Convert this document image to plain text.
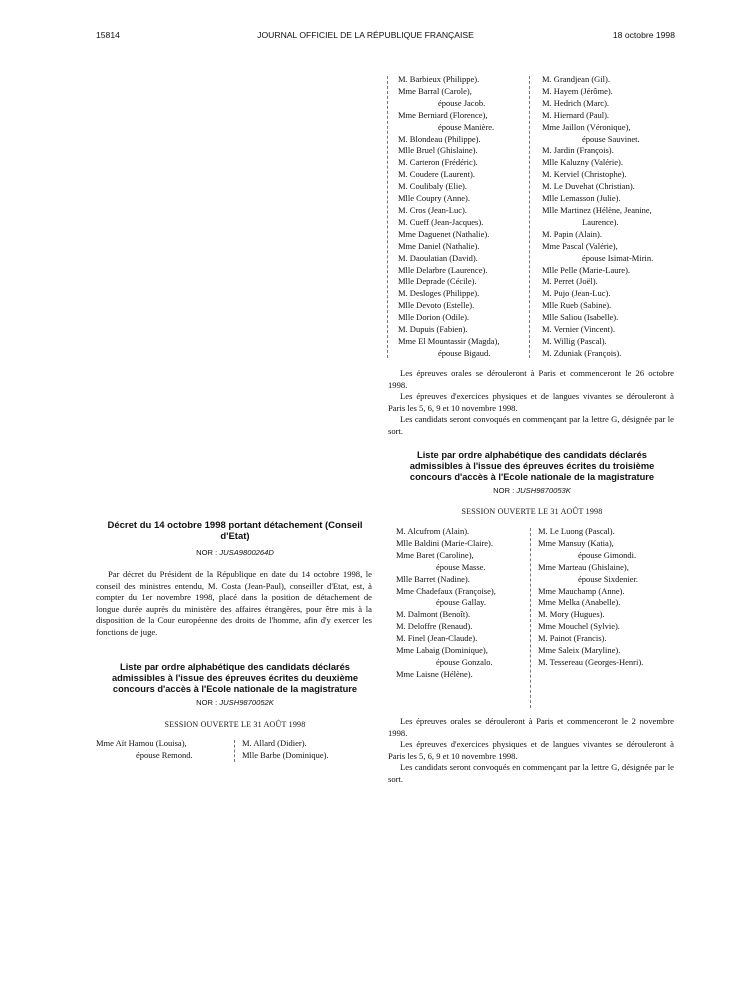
15814	JOURNAL OFFICIEL DE LA RÉPUBLIQUE FRANÇAISE	18 octobre 1998
M. Barbieux (Philippe).
Mme Barral (Carole),
épouse Jacob.
Mme Berniard (Florence),
épouse Manière.
M. Blondeau (Philippe).
Mlle Bruel (Ghislaine).
M. Carteron (Frédéric).
M. Coudere (Laurent).
M. Coulibaly (Elie).
Mlle Coupry (Anne).
M. Cros (Jean-Luc).
M. Cueff (Jean-Jacques).
Mme Daguenet (Nathalie).
Mme Daniel (Nathalie).
M. Daoulatian (David).
Mlle Delarbre (Laurence).
Mlle Deprade (Cécile).
M. Desloges (Philippe).
Mlle Devoto (Estelle).
Mlle Dorion (Odile).
M. Dupuis (Fabien).
Mme El Mountassir (Magda),
épouse Bigaud.
M. Grandjean (Gil).
M. Hayem (Jérôme).
M. Hedrich (Marc).
M. Hiernard (Paul).
Mme Jaillon (Véronique),
épouse Sauvinet.
M. Jardin (François).
Mlle Kaluzny (Valérie).
M. Kerviel (Christophe).
M. Le Duvehat (Christian).
Mlle Lemasson (Julie).
Mlle Martinez (Hélène, Jeanine,
Laurence).
M. Papin (Alain).
Mme Pascal (Valérie),
épouse Isimat-Mirin.
Mlle Pelle (Marie-Laure).
M. Perret (Joël).
M. Pujo (Jean-Luc).
Mlle Rueb (Sabine).
Mlle Saliou (Isabelle).
M. Vernier (Vincent).
M. Willig (Pascal).
M. Zduniak (François).

Les épreuves orales se dérouleront à Paris et commenceront le 26 octobre 1998.

Les épreuves d'exercices physiques et de langues vivantes se dérouleront à Paris les 5, 6, 9 et 10 novembre 1998.

Les candidats seront convoqués en commençant par la lettre G, désignée par le sort.

Liste par ordre alphabétique des candidats déclarés admissibles à l'issue des épreuves écrites du troisième concours d'accès à l'Ecole nationale de la magistrature
NOR : JUSH9870053K
SESSION OUVERTE LE 31 AOÛT 1998
M. Alcufrom (Alain).
Mlle Baldini (Marie-Claire).
Mme Baret (Caroline),
épouse Masse.
Mlle Barret (Nadine).
Mme Chadefaux (Françoise),
épouse Gallay.
M. Dalmont (Benoît).
M. Deloffre (Renaud).
M. Finel (Jean-Claude).
Mme Labaig (Dominique),
épouse Gonzalo.
Mme Laisne (Hélène).
M. Le Luong (Pascal).
Mme Mansuy (Katia),
épouse Gimondi.
Mme Marteau (Ghislaine),
épouse Sixdenier.
Mme Mauchamp (Anne).
Mme Melka (Anabelle).
M. Mory (Hugues).
Mme Mouchel (Sylvie).
M. Painot (Francis).
Mme Saleix (Maryline).
M. Tessereau (Georges-Henri).

Les épreuves orales se dérouleront à Paris et commenceront le 2 novembre 1998.

Les épreuves d'exercices physiques et de langues vivantes se dérouleront à Paris les 5, 6, 9 et 10 novembre 1998.

Les candidats seront convoqués en commençant par la lettre G, désignée par le sort.

Décret du 14 octobre 1998 portant détachement (Conseil d'Etat)
NOR : JUSA9800264D

Par décret du Président de la République en date du 14 octobre 1998, le conseil des ministres entendu, M. Costa (Jean-Paul), conseiller d'Etat, est, à compter du 1er novembre 1998, placé dans la position de détachement de longue durée auprès du ministère des affaires étrangères, pour être mis à la disposition de la Cour européenne des droits de l'homme, afin d'y exercer les fonctions de juge.

Liste par ordre alphabétique des candidats déclarés admissibles à l'issue des épreuves écrites du deuxième concours d'accès à l'Ecole nationale de la magistrature
NOR : JUSH9870052K
SESSION OUVERTE LE 31 AOÛT 1998
Mme Aït Hamou (Louisa),
épouse Remond.
M. Allard (Didier).
Mlle Barbe (Dominique).
